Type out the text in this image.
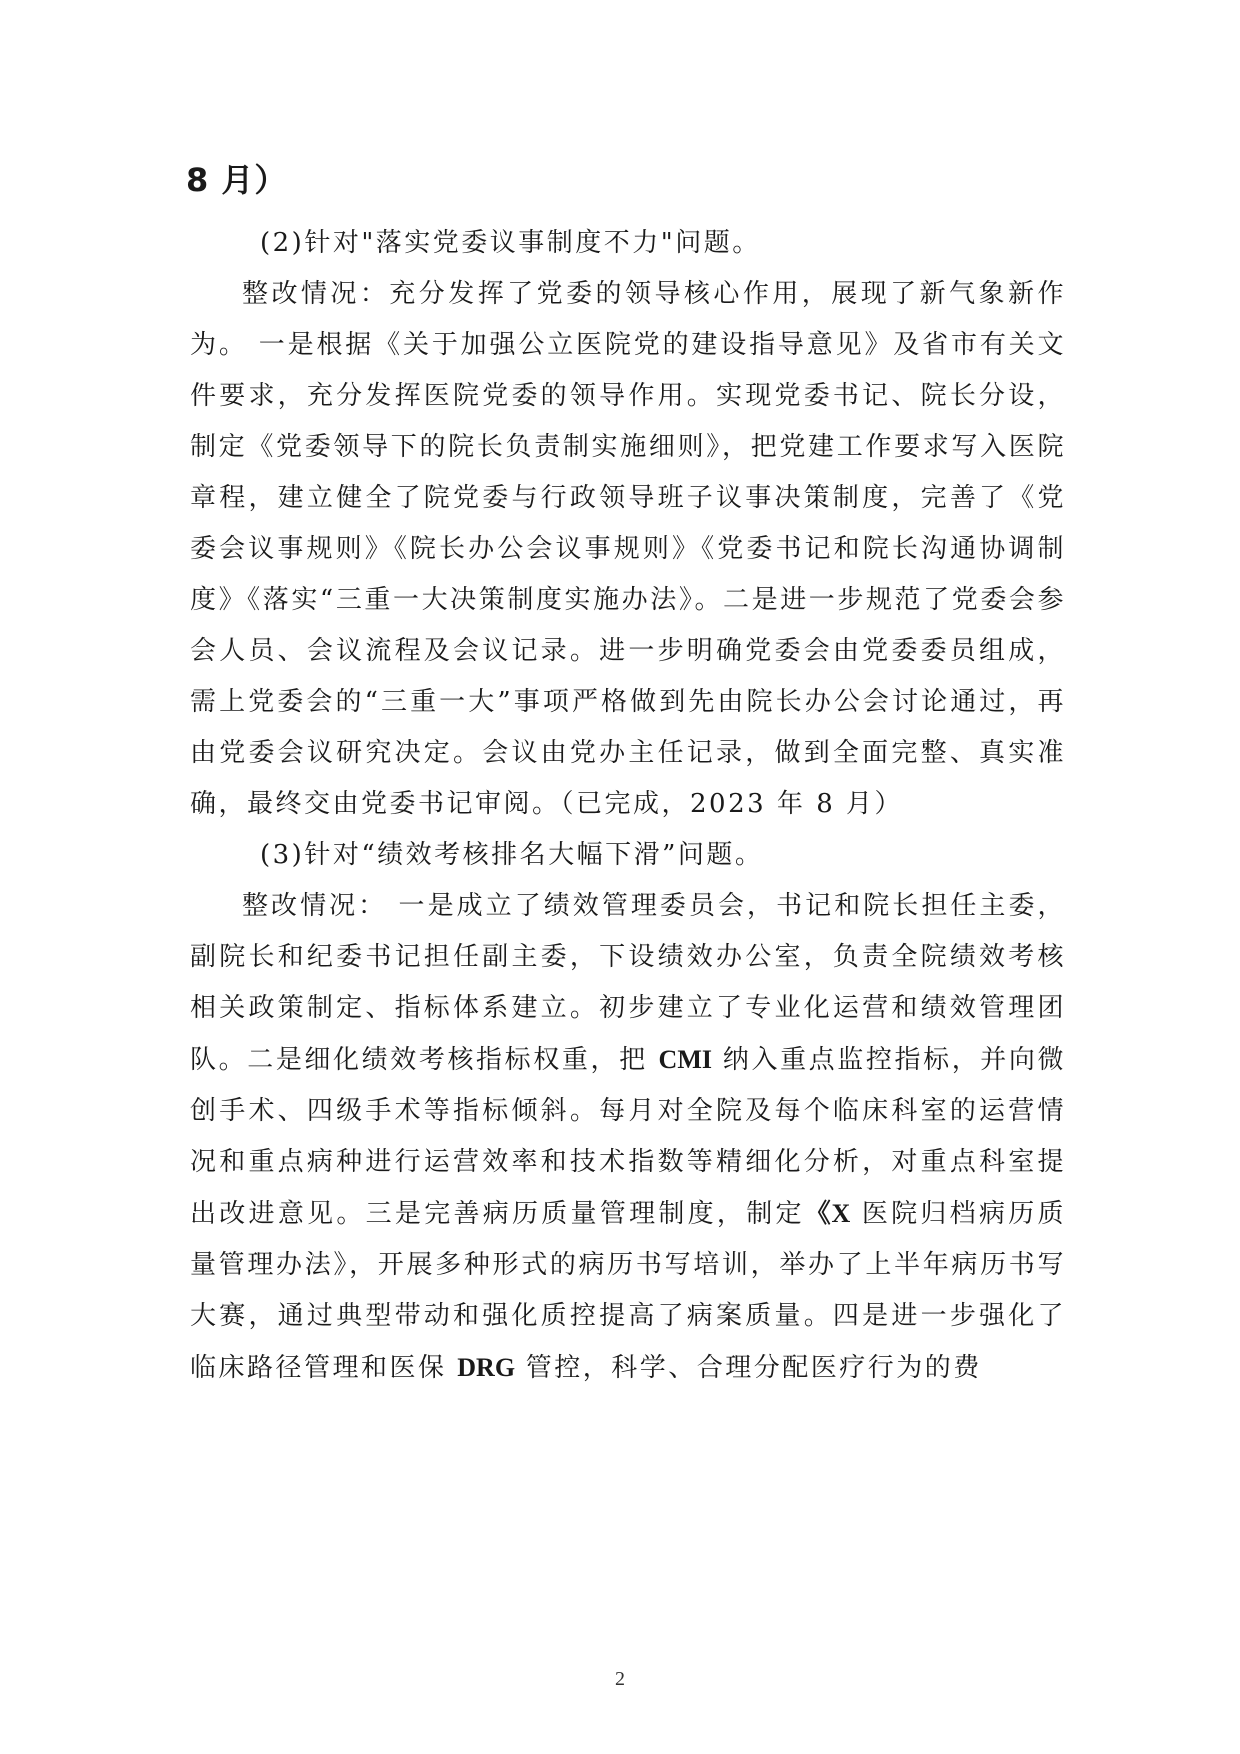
8 月）

(2)针对"落实党委议事制度不力"问题。

整改情况：充分发挥了党委的领导核心作用，展现了新气象新作为。 一是根据《关于加强公立医院党的建设指导意见》及省市有关文件要求，充分发挥医院党委的领导作用。实现党委书记、院长分设，制定《党委领导下的院长负责制实施细则》，把党建工作要求写入医院章程，建立健全了院党委与行政领导班子议事决策制度，完善了《党委会议事规则》《院长办公会议事规则》《党委书记和院长沟通协调制度》《落实“三重一大决策制度实施办法》。二是进一步规范了党委会参会人员、会议流程及会议记录。进一步明确党委会由党委委员组成，需上党委会的“三重一大”事项严格做到先由院长办公会讨论通过，再由党委会议研究决定。会议由党办主任记录，做到全面完整、真实准确，最终交由党委书记审阅。（已完成，2023 年 8 月）

(3)针对“绩效考核排名大幅下滑”问题。

整改情况： 一是成立了绩效管理委员会，书记和院长担任主委， 副院长和纪委书记担任副主委，下设绩效办公室，负责全院绩效考核相关政策制定、指标体系建立。初步建立了专业化运营和绩效管理团队。二是细化绩效考核指标权重，把 CMI 纳入重点监控指标，并向微创手术、四级手术等指标倾斜。每月对全院及每个临床科室的运营情况和重点病种进行运营效率和技术指数等精细化分析，对重点科室提出改进意见。三是完善病历质量管理制度，制定《X 医院归档病历质量管理办法》，开展多种形式的病历书写培训，举办了上半年病历书写大赛，通过典型带动和强化质控提高了病案质量。四是进一步强化了临床路径管理和医保 DRG 管控，科学、合理分配医疗行为的费

2
